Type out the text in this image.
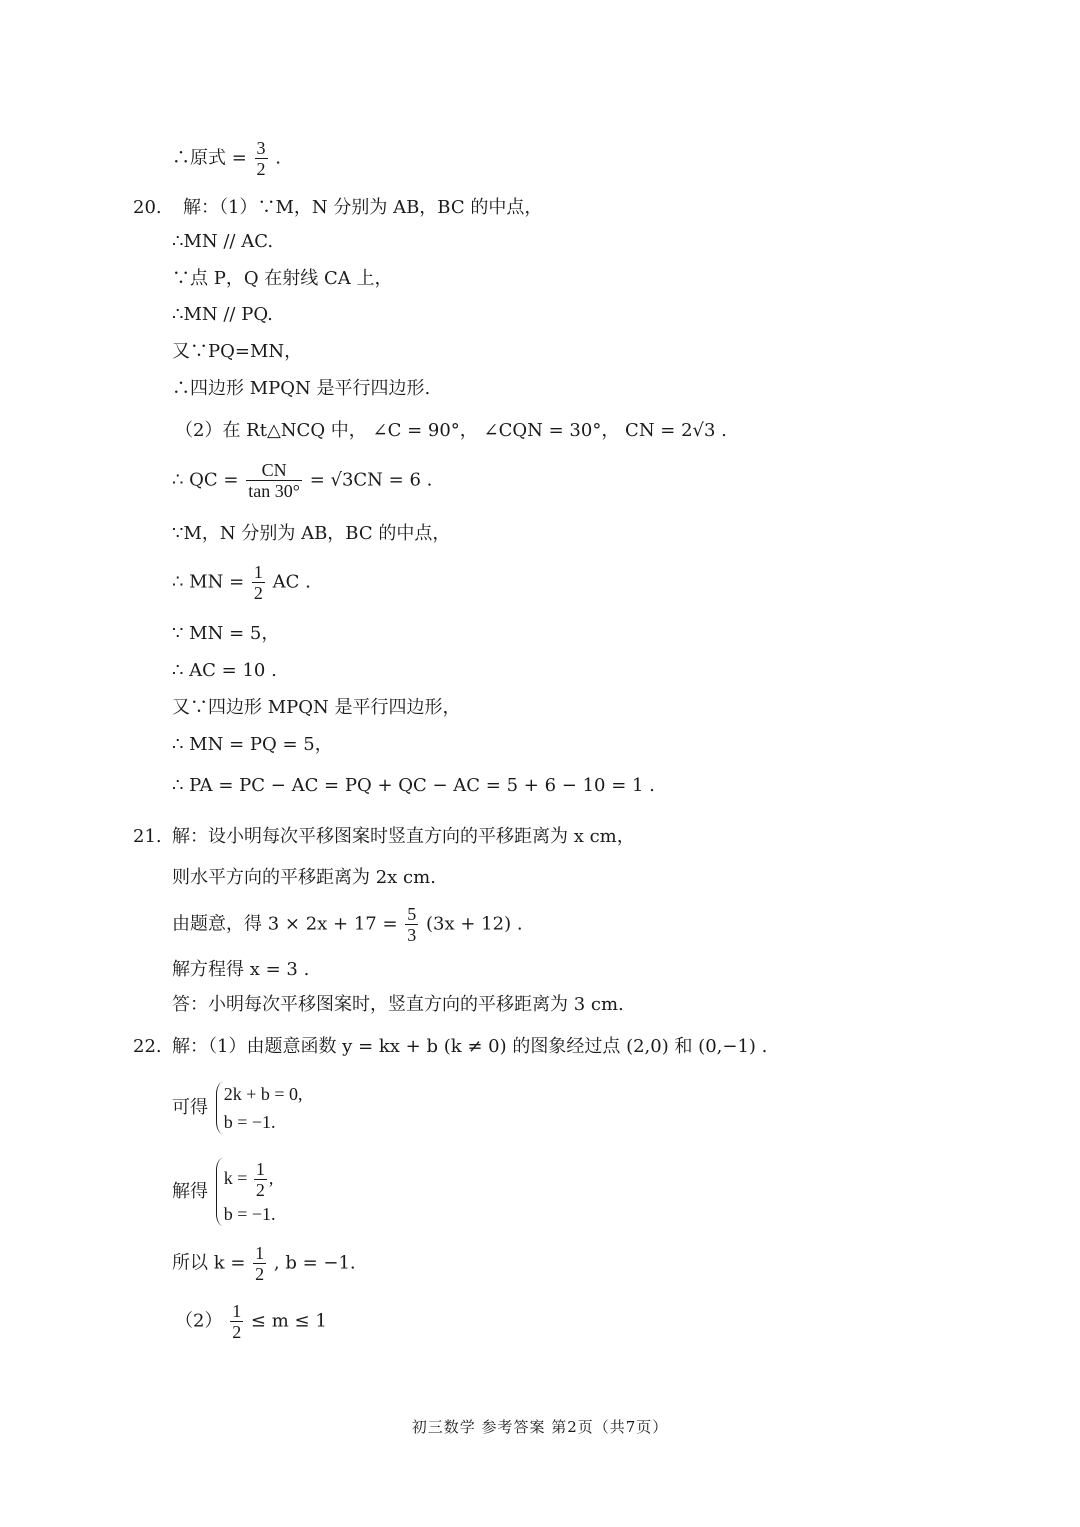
∴原式 = $\frac{3}{2}$ .
20. 解：（1）∵M，N 分别为 AB，BC 的中点，
∴MN // AC.
∵点 P，Q 在射线 CA 上，
∴MN // PQ.
又∵PQ=MN，
∴四边形 MPQN 是平行四边形.
（2）在 Rt△NCQ 中， ∠C = 90°， ∠CQN = 30°， CN = 2√3 .
∴ QC = $\frac{CN}{\tan 30^\circ} = √3CN = 6$ .
∵M，N 分别为 AB，BC 的中点，
∴ MN = $\frac{1}{2}$ AC .
∵ MN = 5，
∴ AC = 10 .
又∵四边形 MPQN 是平行四边形，
∴ MN = PQ = 5，
∴ PA = PC − AC = PQ + QC − AC = 5 + 6 − 10 = 1 .
21. 解：设小明每次平移图案时竖直方向的平移距离为 x cm，
则水平方向的平移距离为 2x cm.
由题意，得 $3 \times 2x + 17 = \frac{5}{3} (3x + 12)$ .
解方程得 x = 3 .
答：小明每次平移图案时，竖直方向的平移距离为 3 cm.
22. 解：（1）由题意函数 y = kx + b (k ≠ 0) 的图象经过点 (2,0) 和 (0,−1) .
可得
2k + b = 0,
b = −1.
解得
$k = \frac{1}{2}$ ,
b = −1.
所以 $k = \frac{1}{2}$ , b = −1.
$(2) \frac{1}{2} \le m \le 1$
初三数学 参考答案 第2页（共7页）
